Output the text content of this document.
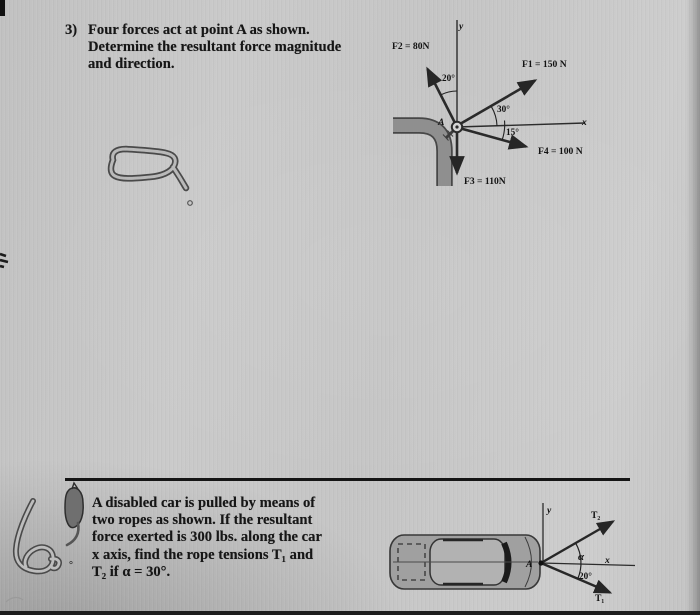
3) Four forces act at point A as shown.
Determine the resultant force magnitude
and direction.
y
x
A
F2 = 80N
F1 = 150 N
F4 = 100 N
F3 = 110N
20°
30°
15°
A disabled car is pulled by means of
two ropes as shown. If the resultant
force exerted is 300 lbs. along the car
x axis, find the rope tensions T₁ and
T₂ if α = 30°.
°
y
x
A
T₂
T₁
α
20°
